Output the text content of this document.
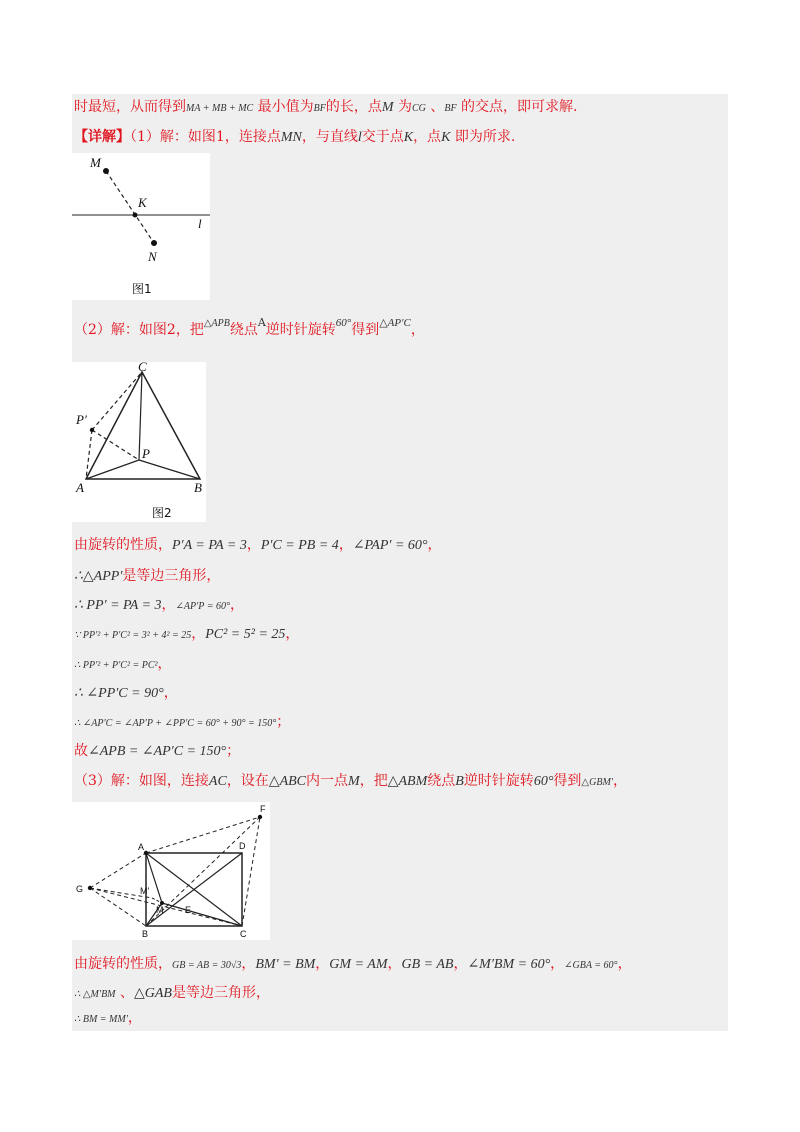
时最短，从而得到MA + MB + MC 最小值为BF的长，点M 为CG 、BF 的交点，即可求解.
【详解】（1）解：如图1，连接点MN，与直线l交于点K，点K 即为所求.
M
K
N
l
图1
（2）解：如图2，把$^{\triangle APB}$绕点$^A$逆时针旋转$^{60^\circ}$得到$^{\triangle AP'C}$，
C
P′
P
A	B
图2
由旋转的性质，P′A = PA = 3，P′C = PB = 4，∠PAP′ = 60°，
∴△APP′是等边三角形，
∴ PP′ = PA = 3，∠AP′P = 60°，
∵ PP′² + P′C² = 3² + 4² = 25，PC² = 5² = 25，
∴ PP′² + P′C² = PC²，
∴ ∠PP′C = 90°，
∴ ∠AP′C = ∠AP′P + ∠PP′C = 60° + 90° = 150°；
故∠APB = ∠AP′C = 150°；
（3）解：如图，连接AC，设在△ABC内一点M，把△ABM绕点B逆时针旋转60°得到△GBM′，
F
A	D
G	M′
M E
B	C
由旋转的性质，GB = AB = 30√3，BM′ = BM，GM = AM，GB = AB，∠M′BM = 60°，∠GBA = 60°，
∴ △M′BM 、△GAB是等边三角形，
∴ BM = MM′，
